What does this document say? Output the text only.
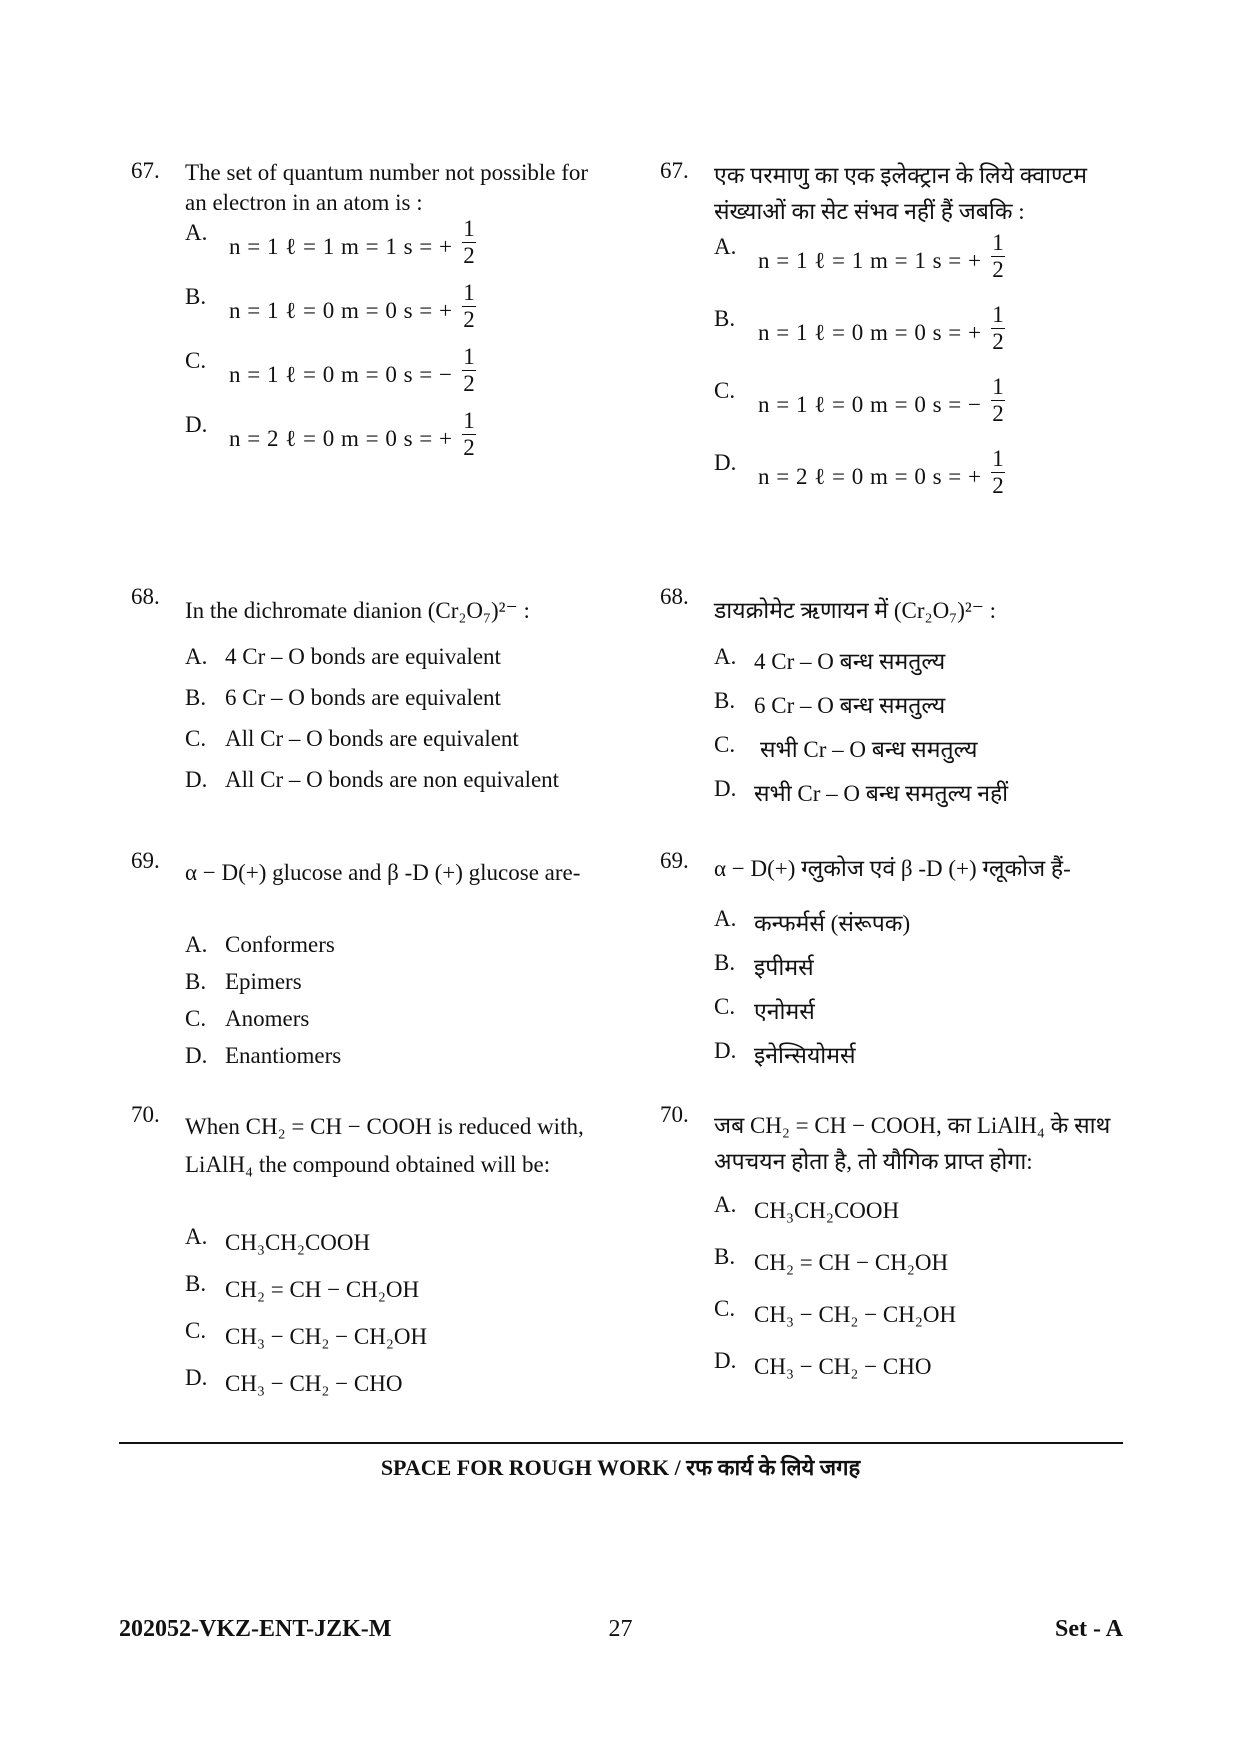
67. The set of quantum number not possible for an electron in an atom is :
A.
n = 1 ℓ = 1 m = 1 s = +
1
2
B.
n = 1 ℓ = 0 m = 0 s = +
1
2
C.
n = 1 ℓ = 0 m = 0 s = −
1
2
D.
n = 2 ℓ = 0 m = 0 s = +
1
2
68.
In the dichromate dianion (Cr₂O₇)²⁻ :
A. 4 Cr – O bonds are equivalent
B. 6 Cr – O bonds are equivalent
C. All Cr – O bonds are equivalent
D. All Cr – O bonds are non equivalent
69. α − D(+) glucose and β -D (+) glucose are-
A. Conformers
B. Epimers
C. Anomers
D. Enantiomers
70. When CH₂ = CH − COOH is reduced with, LiAlH₄ the compound obtained will be:
A. CH₃CH₂COOH
B. CH₂ = CH − CH₂OH
C. CH₃ − CH₂ − CH₂OH
D. CH₃ − CH₂ − CHO
67. एक परमाणु का एक इलेक्ट्रान के लिये क्वाण्टम संख्याओं का सेट संभव नहीं हैं जबकि :
A.
n = 1 ℓ = 1 m = 1 s = +
1
2
B.
n = 1 ℓ = 0 m = 0 s = +
1
2
C.
n = 1 ℓ = 0 m = 0 s = −
1
2
D.
n = 2 ℓ = 0 m = 0 s = +
1
2
68.
डायक्रोमेट ऋणायन में (Cr₂O₇)²⁻ :
A. 4 Cr – O बन्ध समतुल्य
B. 6 Cr – O बन्ध समतुल्य
C. सभी Cr – O बन्ध समतुल्य
D. सभी Cr – O बन्ध समतुल्य नहीं
69. α − D(+) ग्लुकोज एवं β -D (+) ग्लूकोज हैं-
A. कन्फर्मर्स (संरूपक)
B. इपीमर्स
C. एनोमर्स
D. इनेन्सियोमर्स
70. जब CH₂ = CH − COOH, का LiAlH₄ के साथ अपचयन होता है, तो यौगिक प्राप्त होगा:
A. CH₃CH₂COOH
B. CH₂ = CH − CH₂OH
C. CH₃ − CH₂ − CH₂OH
D. CH₃ − CH₂ − CHO
SPACE FOR ROUGH WORK / रफ कार्य के लिये जगह
202052-VKZ-ENT-JZK-M	27	Set - A
